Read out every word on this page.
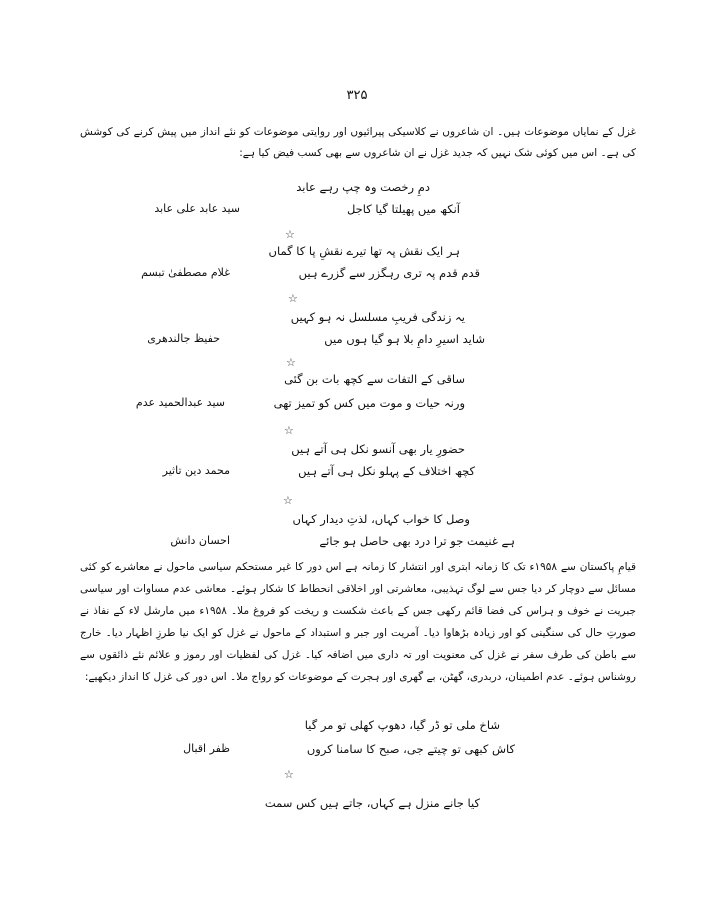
۳۲۵
غزل کے نمایاں موضوعات ہیں۔ ان شاعروں نے کلاسیکی پیرائیوں اور روایتی موضوعات کو نئے انداز میں پیش کرنے کی کوشش کی ہے۔ اس میں کوئی شک نہیں کہ جدید غزل نے ان شاعروں سے بھی کسب فیض کیا ہے:
دمِ رخصت وہ چپ رہے عابد
آنکھ میں پھیلتا گیا کاجل
سید عابد علی عابد
☆
ہر ایک نقش پہ تھا تیرے نقشِ پا کا گماں
قدم قدم پہ تری رہگزر سے گزرے ہیں
غلام مصطفیٰ تبسم
☆
یہ زندگی فریبِ مسلسل نہ ہو کہیں
شاید اسیرِ دامِ بلا ہو گیا ہوں میں
حفیظ جالندھری
☆
ساقی کے التفات سے کچھ بات بن گئی
ورنہ حیات و موت میں کس کو تمیز تھی
سید عبدالحمید عدم
☆
حضورِ یار بھی آنسو نکل ہی آتے ہیں
کچھ اختلاف کے پہلو نکل ہی آتے ہیں
محمد دین تاثیر
☆
وصل کا خواب کہاں، لذتِ دیدار کہاں
ہے غنیمت جو ترا درد بھی حاصل ہو جائے
احسان دانش
قیامِ پاکستان سے ۱۹۵۸ء تک کا زمانہ ابتری اور انتشار کا زمانہ ہے اس دور کا غیر مستحکم سیاسی ماحول نے معاشرے کو کئی مسائل سے دوچار کر دیا جس سے لوگ تہذیبی، معاشرتی اور اخلاقی انحطاط کا شکار ہوئے۔ معاشی عدم مساوات اور سیاسی جبریت نے خوف و ہراس کی فضا قائم رکھی جس کے باعث شکست و ریخت کو فروغ ملا۔ ۱۹۵۸ء میں مارشل لاء کے نفاذ نے صورتِ حال کی سنگینی کو اور زیادہ بڑھاوا دیا۔ آمریت اور جبر و استبداد کے ماحول نے غزل کو ایک نیا طرزِ اظہار دیا۔ خارج سے باطن کی طرف سفر نے غزل کی معنویت اور تہ داری میں اضافہ کیا۔ غزل کی لفظیات اور رموز و علائم نئے ذائقوں سے روشناس ہوئے۔ عدم اطمینان، دربدری، گھٹن، بے گھری اور ہجرت کے موضوعات کو رواج ملا۔ اس دور کی غزل کا انداز دیکھیے:
شاخ ملی تو ڈر گیا، دھوپ کھلی تو مر گیا
کاش کبھی تو چیتے جی، صبح کا سامنا کروں
ظفر اقبال
☆
کیا جانے منزل ہے کہاں، جاتے ہیں کس سمت
